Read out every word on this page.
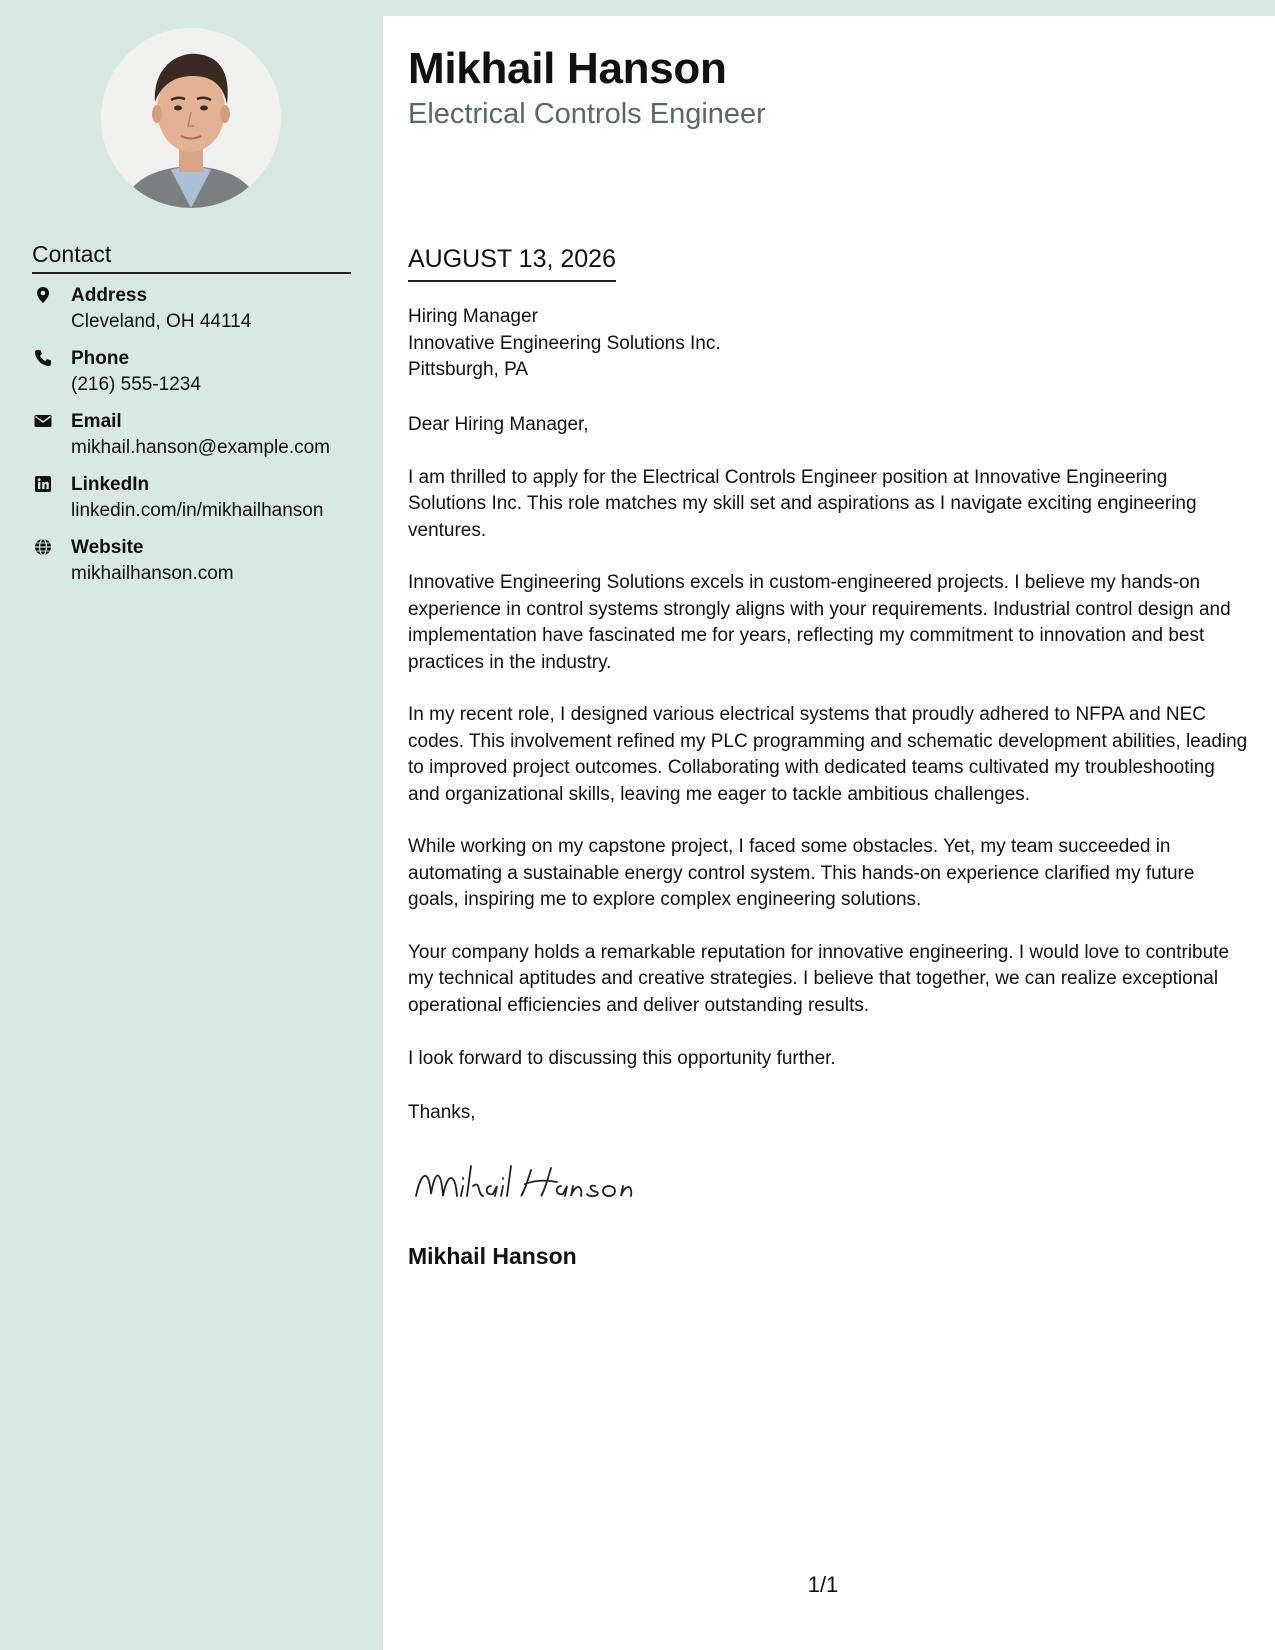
Contact
Address
Cleveland, OH 44114
Phone
(216) 555-1234
Email
mikhail.hanson@example.com
LinkedIn
linkedin.com/in/mikhailhanson
Website
mikhailhanson.com
Mikhail Hanson
Electrical Controls Engineer
AUGUST 13, 2026
Hiring Manager
Innovative Engineering Solutions Inc.
Pittsburgh, PA

Dear Hiring Manager,

I am thrilled to apply for the Electrical Controls Engineer position at Innovative Engineering Solutions Inc. This role matches my skill set and aspirations as I navigate exciting engineering ventures.

Innovative Engineering Solutions excels in custom-engineered projects. I believe my hands-on experience in control systems strongly aligns with your requirements. Industrial control design and implementation have fascinated me for years, reflecting my commitment to innovation and best practices in the industry.

In my recent role, I designed various electrical systems that proudly adhered to NFPA and NEC codes. This involvement refined my PLC programming and schematic development abilities, leading to improved project outcomes. Collaborating with dedicated teams cultivated my troubleshooting and organizational skills, leaving me eager to tackle ambitious challenges.

While working on my capstone project, I faced some obstacles. Yet, my team succeeded in automating a sustainable energy control system. This hands-on experience clarified my future goals, inspiring me to explore complex engineering solutions.

Your company holds a remarkable reputation for innovative engineering. I would love to contribute my technical aptitudes and creative strategies. I believe that together, we can realize exceptional operational efficiencies and deliver outstanding results.

I look forward to discussing this opportunity further.

Thanks,
Mikhail Hanson
1/1
